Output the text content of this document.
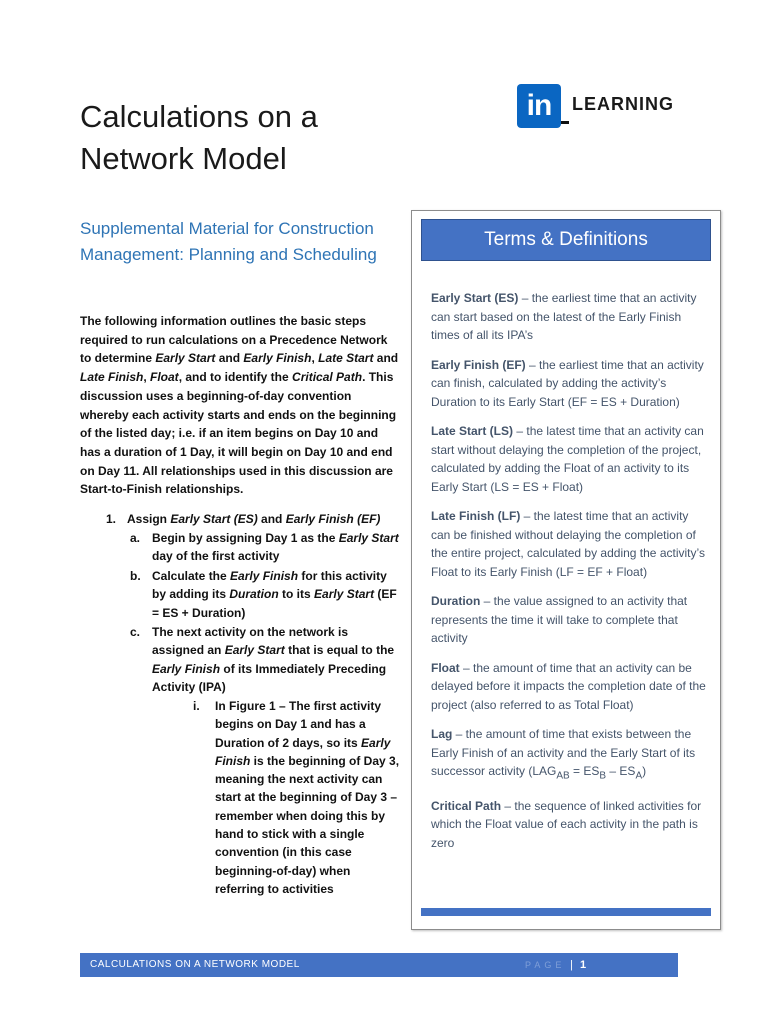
Calculations on a Network Model
in	LEARNING
Supplemental Material for Construction Management: Planning and Scheduling

The following information outlines the basic steps required to run calculations on a Precedence Network to determine Early Start and Early Finish, Late Start and Late Finish, Float, and to identify the Critical Path. This discussion uses a beginning-of-day convention whereby each activity starts and ends on the beginning of the listed day; i.e. if an item begins on Day 10 and has a duration of 1 Day, it will begin on Day 10 and end on Day 11. All relationships used in this discussion are Start-to-Finish relationships.

1. Assign Early Start (ES) and Early Finish (EF)
a. Begin by assigning Day 1 as the Early Start day of the first activity
b. Calculate the Early Finish for this activity by adding its Duration to its Early Start (EF = ES + Duration)
c. The next activity on the network is assigned an Early Start that is equal to the Early Finish of its Immediately Preceding Activity (IPA)
i. In Figure 1 – The first activity begins on Day 1 and has a Duration of 2 days, so its Early Finish is the beginning of Day 3, meaning the next activity can start at the beginning of Day 3 – remember when doing this by hand to stick with a single convention (in this case beginning-of-day) when referring to activities
Terms & Definitions

Early Start (ES) – the earliest time that an activity can start based on the latest of the Early Finish times of all its IPA’s

Early Finish (EF) – the earliest time that an activity can finish, calculated by adding the activity’s Duration to its Early Start (EF = ES + Duration)

Late Start (LS) – the latest time that an activity can start without delaying the completion of the project, calculated by adding the Float of an activity to its Early Start (LS = ES + Float)

Late Finish (LF) – the latest time that an activity can be finished without delaying the completion of the entire project, calculated by adding the activity’s Float to its Early Finish (LF = EF + Float)

Duration – the value assigned to an activity that represents the time it will take to complete that activity

Float – the amount of time that an activity can be delayed before it impacts the completion date of the project (also referred to as Total Float)

Lag – the amount of time that exists between the Early Finish of an activity and the Early Start of its successor activity $(LAG_{AB} = ES_B - ES_A)$

Critical Path – the sequence of linked activities for which the Float value of each activity in the path is zero

CALCULATIONS ON A NETWORK MODEL	PAGE | 1
